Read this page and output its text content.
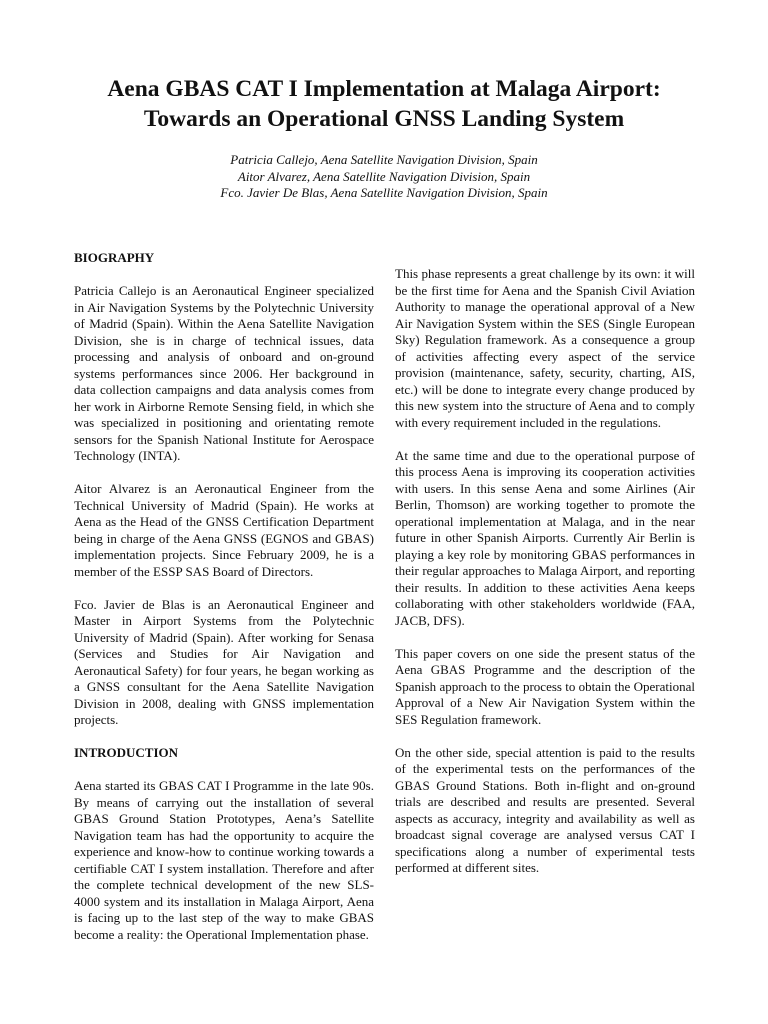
Aena GBAS CAT I Implementation at Malaga Airport:
Towards an Operational GNSS Landing System
Patricia Callejo, Aena Satellite Navigation Division, Spain
Aitor Alvarez, Aena Satellite Navigation Division, Spain
Fco. Javier De Blas, Aena Satellite Navigation Division, Spain

BIOGRAPHY

Patricia Callejo is an Aeronautical Engineer specialized in Air Navigation Systems by the Polytechnic University of Madrid (Spain). Within the Aena Satellite Navigation Division, she is in charge of technical issues, data processing and analysis of onboard and on-ground systems performances since 2006. Her background in data collection campaigns and data analysis comes from her work in Airborne Remote Sensing field, in which she was specialized in positioning and orientating remote sensors for the Spanish National Institute for Aerospace Technology (INTA).

Aitor Alvarez is an Aeronautical Engineer from the Technical University of Madrid (Spain). He works at Aena as the Head of the GNSS Certification Department being in charge of the Aena GNSS (EGNOS and GBAS) implementation projects. Since February 2009, he is a member of the ESSP SAS Board of Directors.

Fco. Javier de Blas is an Aeronautical Engineer and Master in Airport Systems from the Polytechnic University of Madrid (Spain). After working for Senasa (Services and Studies for Air Navigation and Aeronautical Safety) for four years, he began working as a GNSS consultant for the Aena Satellite Navigation Division in 2008, dealing with GNSS implementation projects.

INTRODUCTION

Aena started its GBAS CAT I Programme in the late 90s. By means of carrying out the installation of several GBAS Ground Station Prototypes, Aena’s Satellite Navigation team has had the opportunity to acquire the experience and know-how to continue working towards a certifiable CAT I system installation. Therefore and after the complete technical development of the new SLS-4000 system and its installation in Malaga Airport, Aena is facing up to the last step of the way to make GBAS become a reality: the Operational Implementation phase.

This phase represents a great challenge by its own: it will be the first time for Aena and the Spanish Civil Aviation Authority to manage the operational approval of a New Air Navigation System within the SES (Single European Sky) Regulation framework. As a consequence a group of activities affecting every aspect of the service provision (maintenance, safety, security, charting, AIS, etc.) will be done to integrate every change produced by this new system into the structure of Aena and to comply with every requirement included in the regulations.

At the same time and due to the operational purpose of this process Aena is improving its cooperation activities with users. In this sense Aena and some Airlines (Air Berlin, Thomson) are working together to promote the operational implementation at Malaga, and in the near future in other Spanish Airports. Currently Air Berlin is playing a key role by monitoring GBAS performances in their regular approaches to Malaga Airport, and reporting their results. In addition to these activities Aena keeps collaborating with other stakeholders worldwide (FAA, JACB, DFS).

This paper covers on one side the present status of the Aena GBAS Programme and the description of the Spanish approach to the process to obtain the Operational Approval of a New Air Navigation System within the SES Regulation framework.

On the other side, special attention is paid to the results of the experimental tests on the performances of the GBAS Ground Stations. Both in-flight and on-ground trials are described and results are presented. Several aspects as accuracy, integrity and availability as well as broadcast signal coverage are analysed versus CAT I specifications along a number of experimental tests performed at different sites.
